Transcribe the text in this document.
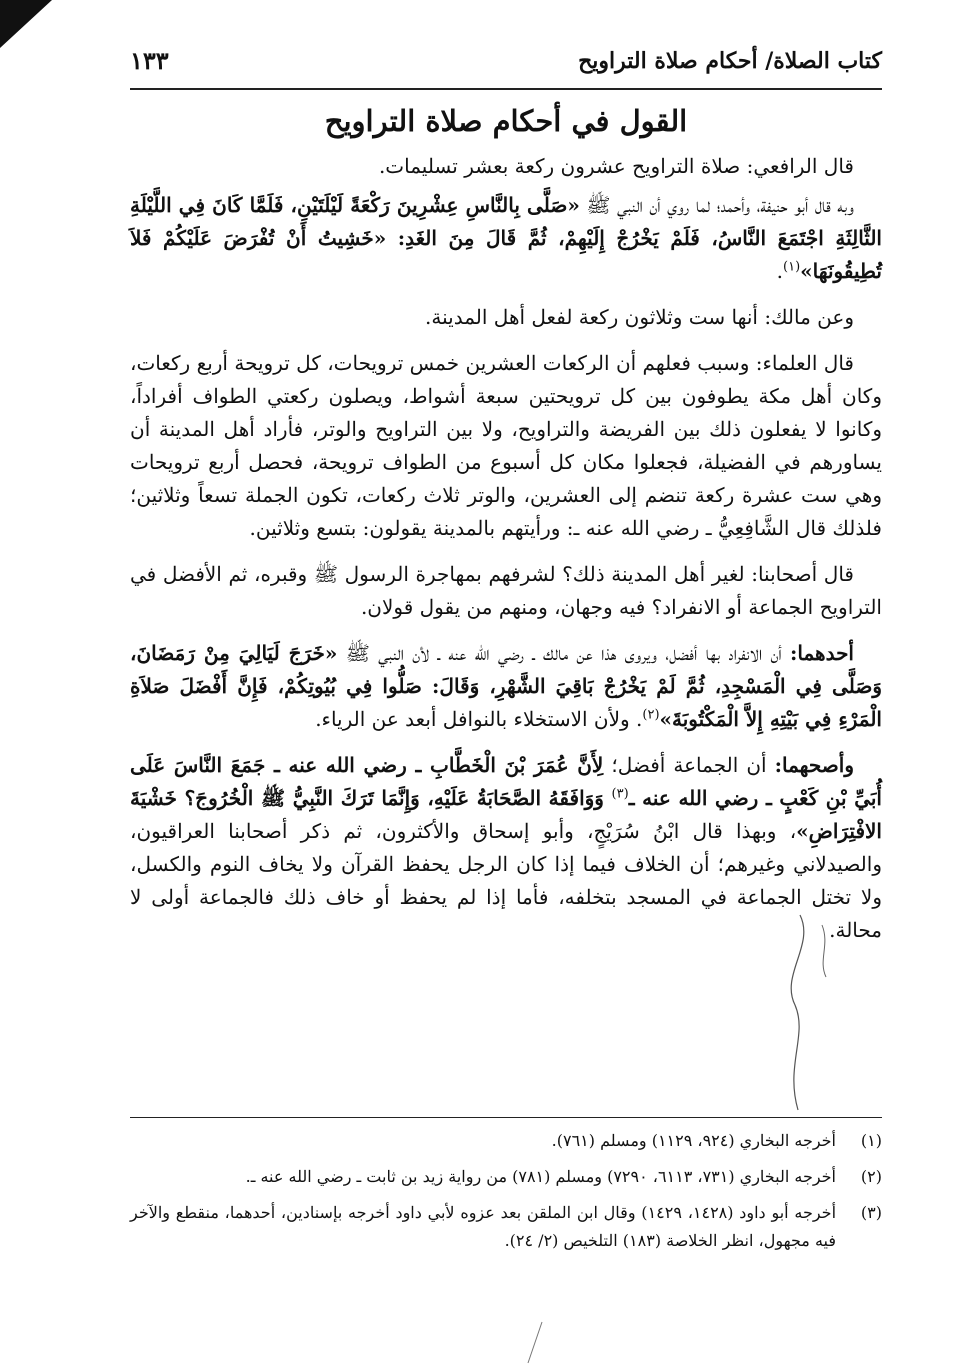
كتاب الصلاة/ أحكام صلاة التراويح
١٣٣
القول في أحكام صلاة التراويح

قال الرافعي: صلاة التراويح عشرون ركعة بعشر تسليمات.

وبه قال أبو حنيفة، وأحمد؛ لما روي أن النبي ﷺ «صَلَّى بِالنَّاسِ عِشْرِينَ رَكْعَةً لَيْلَتَيْنِ، فَلَمَّا كَانَ فِي اللَّيْلَةِ الثَّالِثَةِ اجْتَمَعَ النَّاسُ، فَلَمْ يَخْرُجْ إِلَيْهِمْ، ثُمَّ قَالَ مِنَ الغَدِ: «خَشِيتُ أَنْ تُفْرَضَ عَلَيْكُمْ فَلاَ تُطِيقُونَهَا»$^{(١)}$.

وعن مالك: أنها ست وثلاثون ركعة لفعل أهل المدينة.

قال العلماء: وسبب فعلهم أن الركعات العشرين خمس ترويحات، كل ترويحة أربع ركعات، وكان أهل مكة يطوفون بين كل ترويحتين سبعة أشواط، ويصلون ركعتي الطواف أفراداً، وكانوا لا يفعلون ذلك بين الفريضة والتراويح، ولا بين التراويح والوتر، فأراد أهل المدينة أن يساورهم في الفضيلة، فجعلوا مكان كل أسبوع من الطواف ترويحة، فحصل أربع ترويحات وهي ست عشرة ركعة تنضم إلى العشرين، والوتر ثلاث ركعات، تكون الجملة تسعاً وثلاثين؛ فلذلك قال الشَّافِعِيُّ ـ رضي الله عنه ـ: ورأيتهم بالمدينة يقولون: بتسع وثلاثين.

قال أصحابنا: لغير أهل المدينة ذلك؟ لشرفهم بمهاجرة الرسول ﷺ وقبره، ثم الأفضل في التراويح الجماعة أو الانفراد؟ فيه وجهان، ومنهم من يقول قولان.

أحدهما: أن الانفراد بها أفضل، ويروى هذا عن مالك ـ رضي الله عنه ـ لأن النبي ﷺ «خَرَجَ لَيَالِيَ مِنْ رَمَضَانَ، وَصَلَّى فِي الْمَسْجِدِ، ثُمَّ لَمْ يَخْرُجْ بَاقِيَ الشَّهْرِ، وَقَالَ: صَلُّوا فِي بُيُوتِكُمْ، فَإِنَّ أَفْضَلَ صَلاَةِ الْمَرْءِ فِي بَيْتِهِ إِلاَّ الْمَكْتُوبَةَ»$^{(٢)}$. ولأن الاستخلاء بالنوافل أبعد عن الرياء.

وأصحهما: أن الجماعة أفضل؛ لِأَنَّ عُمَرَ بْنَ الْخَطَّابِ ـ رضي الله عنه ـ جَمَعَ النَّاسَ عَلَى أُبَيِّ بْنِ كَعْبٍ ـ رضي الله عنه ـ$^{(٣)}$ وَوَافَقَهُ الصَّحَابَةُ عَلَيْهِ، وَإِنَّمَا تَرَكَ النَّبِيُّ ﷺ الْخُرُوجَ؟ خَشْيَةَ الافْتِرَاضِ»، وبهذا قال ابْنُ سُرَيْجٍ، وأبو إسحاق والأكثرون، ثم ذكر أصحابنا العراقيون، والصيدلاني وغيرهم؛ أن الخلاف فيما إذا كان الرجل يحفظ القرآن ولا يخاف النوم والكسل، ولا تختل الجماعة في المسجد بتخلفه، فأما إذا لم يحفظ أو خاف ذلك فالجماعة أولى لا محالة.

(١)
أخرجه البخاري (٩٢٤، ١١٢٩) ومسلم (٧٦١).
(٢)
أخرجه البخاري (٧٣١، ٦١١٣، ٧٢٩٠) ومسلم (٧٨١) من رواية زيد بن ثابت ـ رضي الله عنه ـ.
(٣)
أخرجه أبو داود (١٤٢٨، ١٤٢٩) وقال ابن الملقن بعد عزوه لأبي داود أخرجه بإسنادين، أحدهما، منقطع والآخر فيه مجهول، انظر الخلاصة (١٨٣) التلخيص (٢/ ٢٤).
